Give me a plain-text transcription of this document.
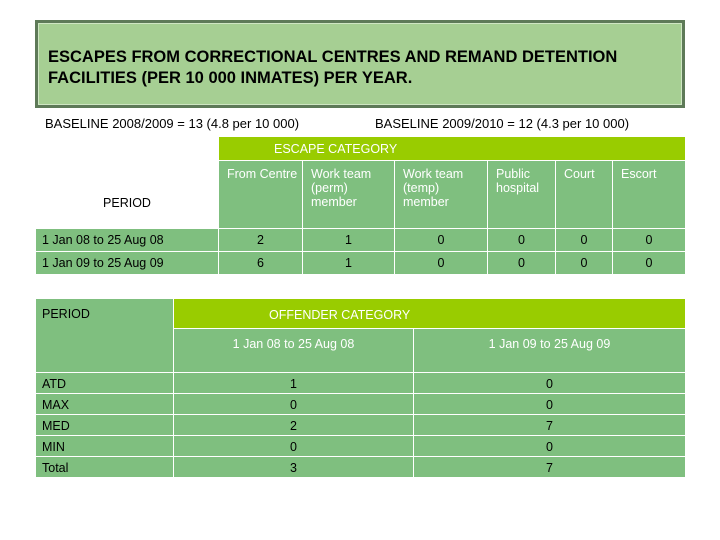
ESCAPES FROM CORRECTIONAL CENTRES AND REMAND DETENTION FACILITIES (PER 10 000 INMATES) PER YEAR.
BASELINE 2008/2009 = 13 (4.8 per 10 000)	BASELINE 2009/2010 = 12 (4.3 per 10 000)
	ESCAPE CATEGORY					
PERIOD	From Centre	Work team (perm) member	Work team (temp) member	Public hospital	Court	Escort
1 Jan 08 to 25 Aug 08	2	1	0	0	0	0
1 Jan 09 to 25 Aug 09	6	1	0	0	0	0
PERIOD	OFFENDER CATEGORY	
	1 Jan 08 to 25 Aug 08	1 Jan 09 to 25 Aug 09
ATD	1	0
MAX	0	0
MED	2	7
MIN	0	0
Total	3	7
